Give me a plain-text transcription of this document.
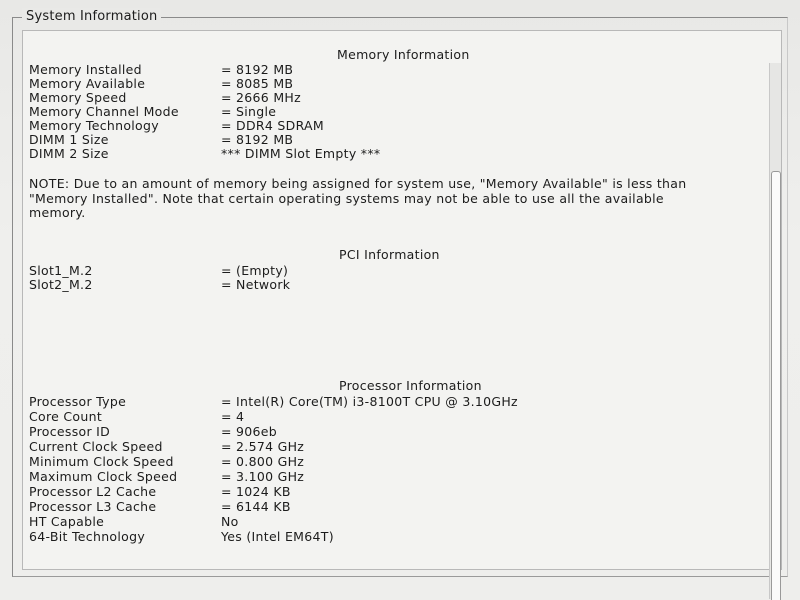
System Information
Memory Information
Memory Installed	= 8192 MB
Memory Available	= 8085 MB
Memory Speed	= 2666 MHz
Memory Channel Mode	= Single
Memory Technology	= DDR4 SDRAM
DIMM 1 Size	= 8192 MB
DIMM 2 Size	*** DIMM Slot Empty ***
NOTE: Due to an amount of memory being assigned for system use, "Memory Available" is less than "Memory Installed". Note that certain operating systems may not be able to use all the available memory.
PCI Information
Slot1_M.2	= (Empty)
Slot2_M.2	= Network
Processor Information
Processor Type	= Intel(R) Core(TM) i3-8100T CPU @ 3.10GHz
Core Count	= 4
Processor ID	= 906eb
Current Clock Speed	= 2.574 GHz
Minimum Clock Speed	= 0.800 GHz
Maximum Clock Speed	= 3.100 GHz
Processor L2 Cache	= 1024 KB
Processor L3 Cache	= 6144 KB
HT Capable	No
64-Bit Technology	Yes (Intel EM64T)
